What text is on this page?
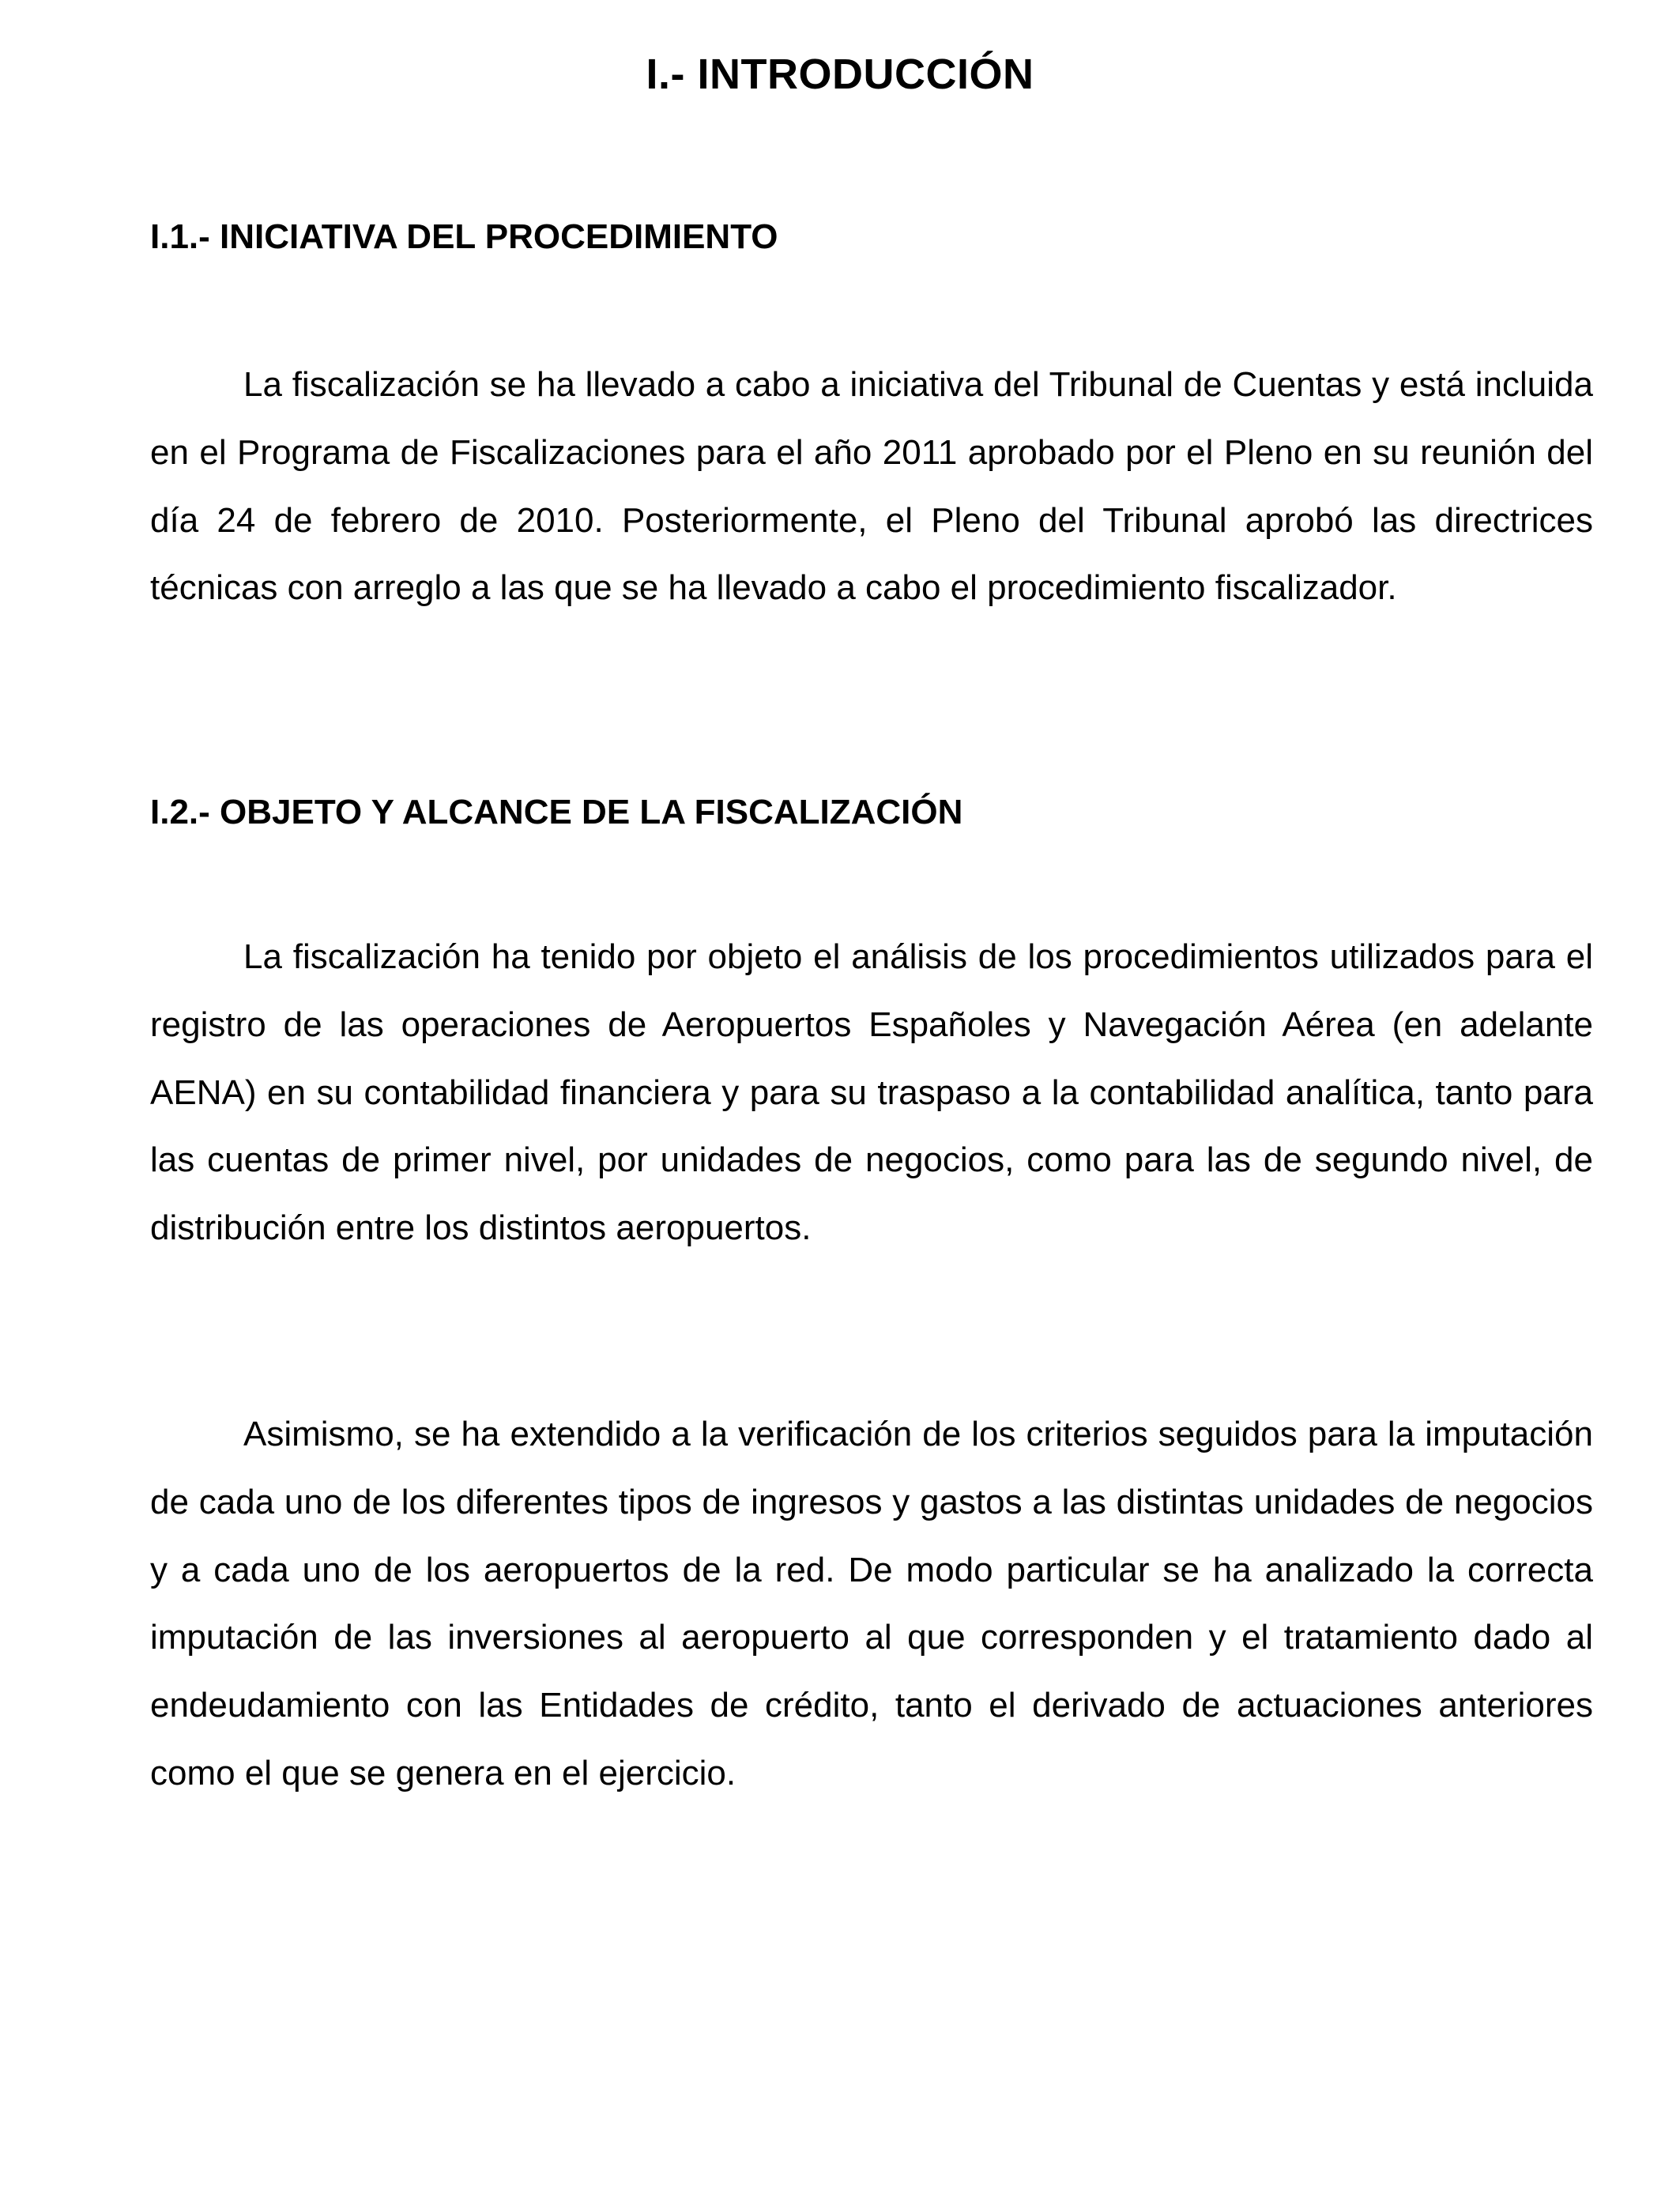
I.- INTRODUCCIÓN
I.1.- INICIATIVA DEL PROCEDIMIENTO

La fiscalización se ha llevado a cabo a iniciativa del Tribunal de Cuentas y está incluida en el Programa de Fiscalizaciones para el año 2011 aprobado por el Pleno en su reunión del día 24 de febrero de 2010. Posteriormente, el Pleno del Tribunal aprobó las directrices técnicas con arreglo a las que se ha llevado a cabo el procedimiento fiscalizador.

I.2.- OBJETO Y ALCANCE DE LA FISCALIZACIÓN

La fiscalización ha tenido por objeto el análisis de los procedimientos utilizados para el registro de las operaciones de Aeropuertos Españoles y Navegación Aérea (en adelante AENA) en su contabilidad financiera y para su traspaso a la contabilidad analítica, tanto para las cuentas de primer nivel, por unidades de negocios, como para las de segundo nivel, de distribución entre los distintos aeropuertos.

Asimismo, se ha extendido a la verificación de los criterios seguidos para la imputación de cada uno de los diferentes tipos de ingresos y gastos a las distintas unidades de negocios y a cada uno de los aeropuertos de la red. De modo particular se ha analizado la correcta imputación de las inversiones al aeropuerto al que corresponden y el tratamiento dado al endeudamiento con las Entidades de crédito, tanto el derivado de actuaciones anteriores como el que se genera en el ejercicio.
